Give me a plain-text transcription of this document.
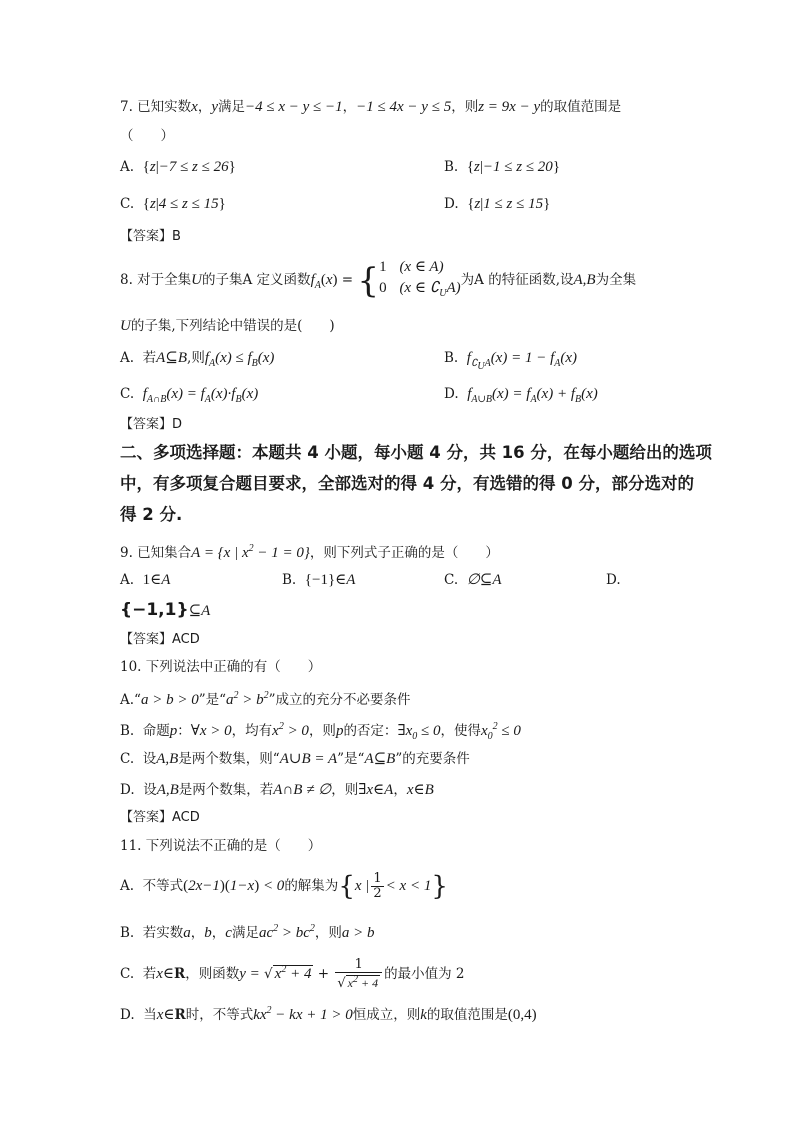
7. 已知实数x，y满足−4 ≤ x − y ≤ −1，−1 ≤ 4x − y ≤ 5，则z = 9x − y的取值范围是
（　　）
A. {z|−7 ≤ z ≤ 26}	B. {z|−1 ≤ z ≤ 20}
C. {z|4 ≤ z ≤ 15}	D. {z|1 ≤ z ≤ 15}
【答案】B
8. 对于全集U的子集A 定义函数$f_A(x) = \{1$ (x ∈ A)
0 (x ∈ $∁_UA$)为A 的特征函数,设A,B为全集
U的子集,下列结论中错误的是(　　)
A.  若A⊆B,则$f_A(x) \le f_B(x)$	B.  $f_{∁_UA}(x) = 1 - f_A(x)$
C.  $f_{A\cap B}(x) = f_A(x)\cdot f_B(x)$	D.  $f_{A\cup B}(x) = f_A(x) + f_B(x)$
【答案】D
二、多项选择题：本题共 4 小题，每小题 4 分，共 16 分，在每小题给出的选项
中，有多项复合题目要求，全部选对的得 4 分，有选错的得 0 分，部分选对的
得 2 分.
9. 已知集合A = {x | $x^2 - 1 = 0$}，则下列式子正确的是（　　）
A.  1∈A	B.  {−1}∈A	C.  ∅⊆A	D.
{−1,1}⊆A
【答案】ACD
10. 下列说法中正确的有（　　）
A.“a > b > 0”是“$a^2 > b^2$”成立的充分不必要条件
B.  命题p：∀x > 0，均有$x^2 > 0$，则p的否定：$\exists x_0 \le 0$，使得$x_0^2 \le 0$
C.  设A,B是两个数集，则“A∪B = A”是“A⊆B”的充要条件
D.  设A,B是两个数集，若A∩B ≠ ∅，则∃x∈A，x∈B
【答案】ACD
11. 下列说法不正确的是（　　）
A.  不等式(2x−1)(1−x) < 0的解集为{x | $\frac{1}{2} < x < 1$}
B.  若实数a，b，c满足$ac^2 > bc^2$，则a > b
C.  若x∈R，则函数y = √ $x^2 + 4 + \frac{1}{√ x^2 + 4}$ 的最小值为 2
D.  当x∈R时，不等式$kx^2$ − kx + 1 > 0恒成立，则k的取值范围是(0,4)
